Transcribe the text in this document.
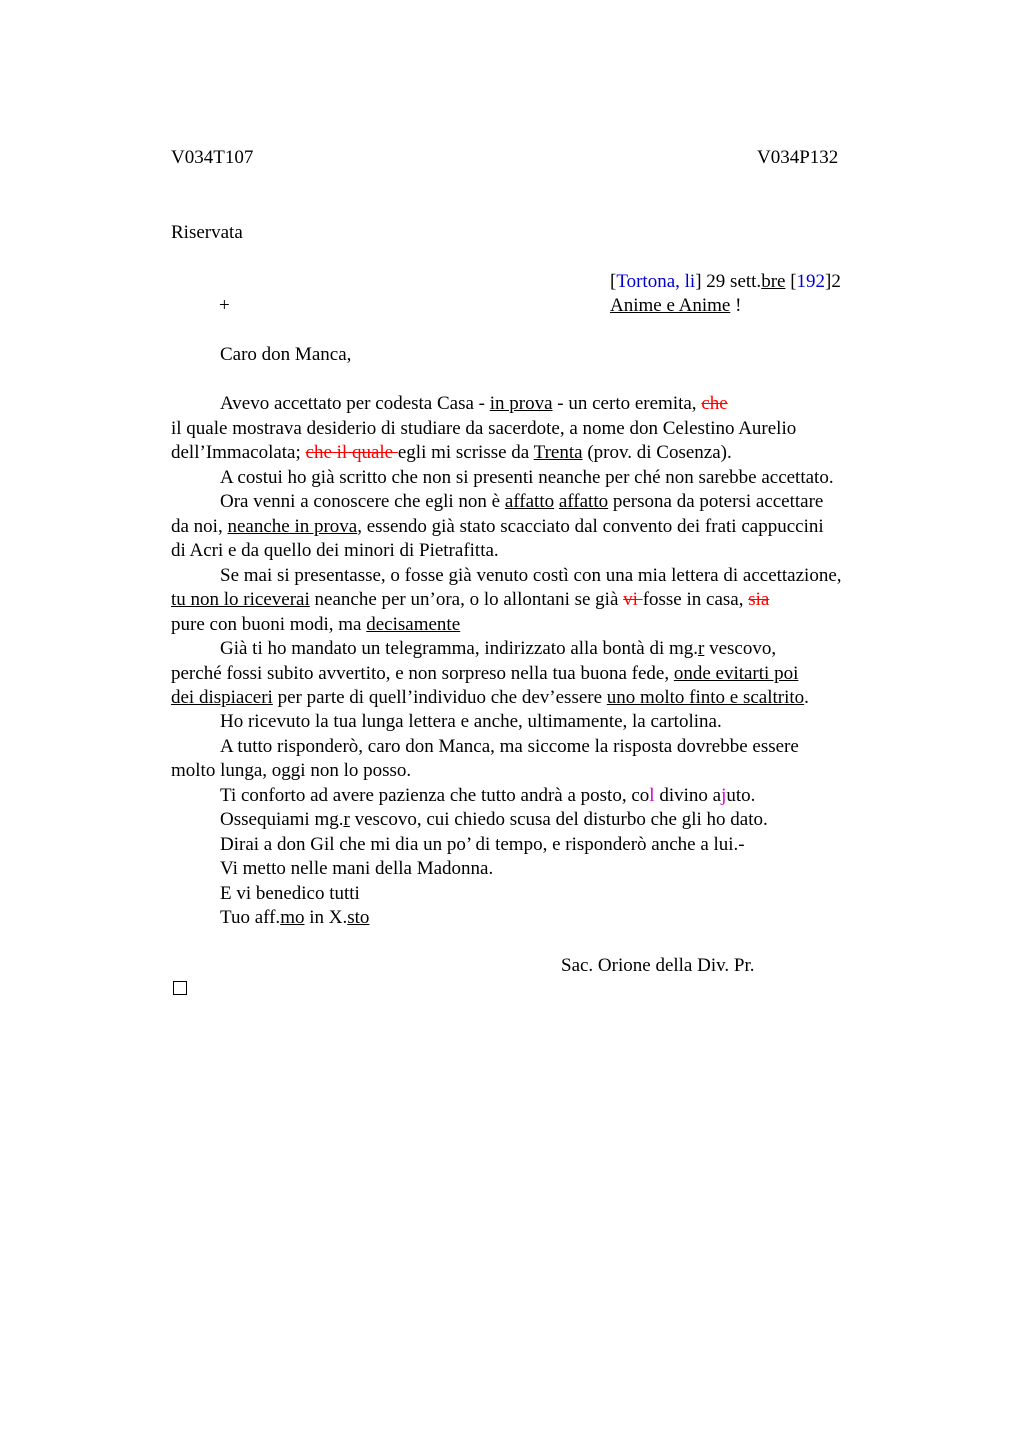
V034T107	V034P132
Riservata
[Tortona, li] 29 sett.bre [192]2
+	Anime e Anime !
Caro don Manca,
Avevo accettato per codesta Casa - in prova - un certo eremita, che
il quale mostrava desiderio di studiare da sacerdote, a nome don Celestino Aurelio
dell’Immacolata; che il quale egli mi scrisse da Trenta (prov. di Cosenza).
A costui ho già scritto che non si presenti neanche per ché non sarebbe accettato.
Ora venni a conoscere che egli non è affatto affatto persona da potersi accettare
da noi, neanche in prova, essendo già stato scacciato dal convento dei frati cappuccini
di Acri e da quello dei minori di Pietrafitta.
Se mai si presentasse, o fosse già venuto costì con una mia lettera di accettazione,
tu non lo riceverai neanche per un’ora, o lo allontani se già vi fosse in casa, sia
pure con buoni modi, ma decisamente
Già ti ho mandato un telegramma, indirizzato alla bontà di mg.r vescovo,
perché fossi subito avvertito, e non sorpreso nella tua buona fede, onde evitarti poi
dei dispiaceri per parte di quell’individuo che dev’essere uno molto finto e scaltrito.
Ho ricevuto la tua lunga lettera e anche, ultimamente, la cartolina.
A tutto risponderò, caro don Manca, ma siccome la risposta dovrebbe essere
molto lunga, oggi non lo posso.
Ti conforto ad avere pazienza che tutto andrà a posto, col divino ajuto.
Ossequiami mg.r vescovo, cui chiedo scusa del disturbo che gli ho dato.
Dirai a don Gil che mi dia un po’ di tempo, e risponderò anche a lui.-
Vi metto nelle mani della Madonna.
E vi benedico tutti
Tuo aff.mo in X.sto
Sac. Orione della Div. Pr.
